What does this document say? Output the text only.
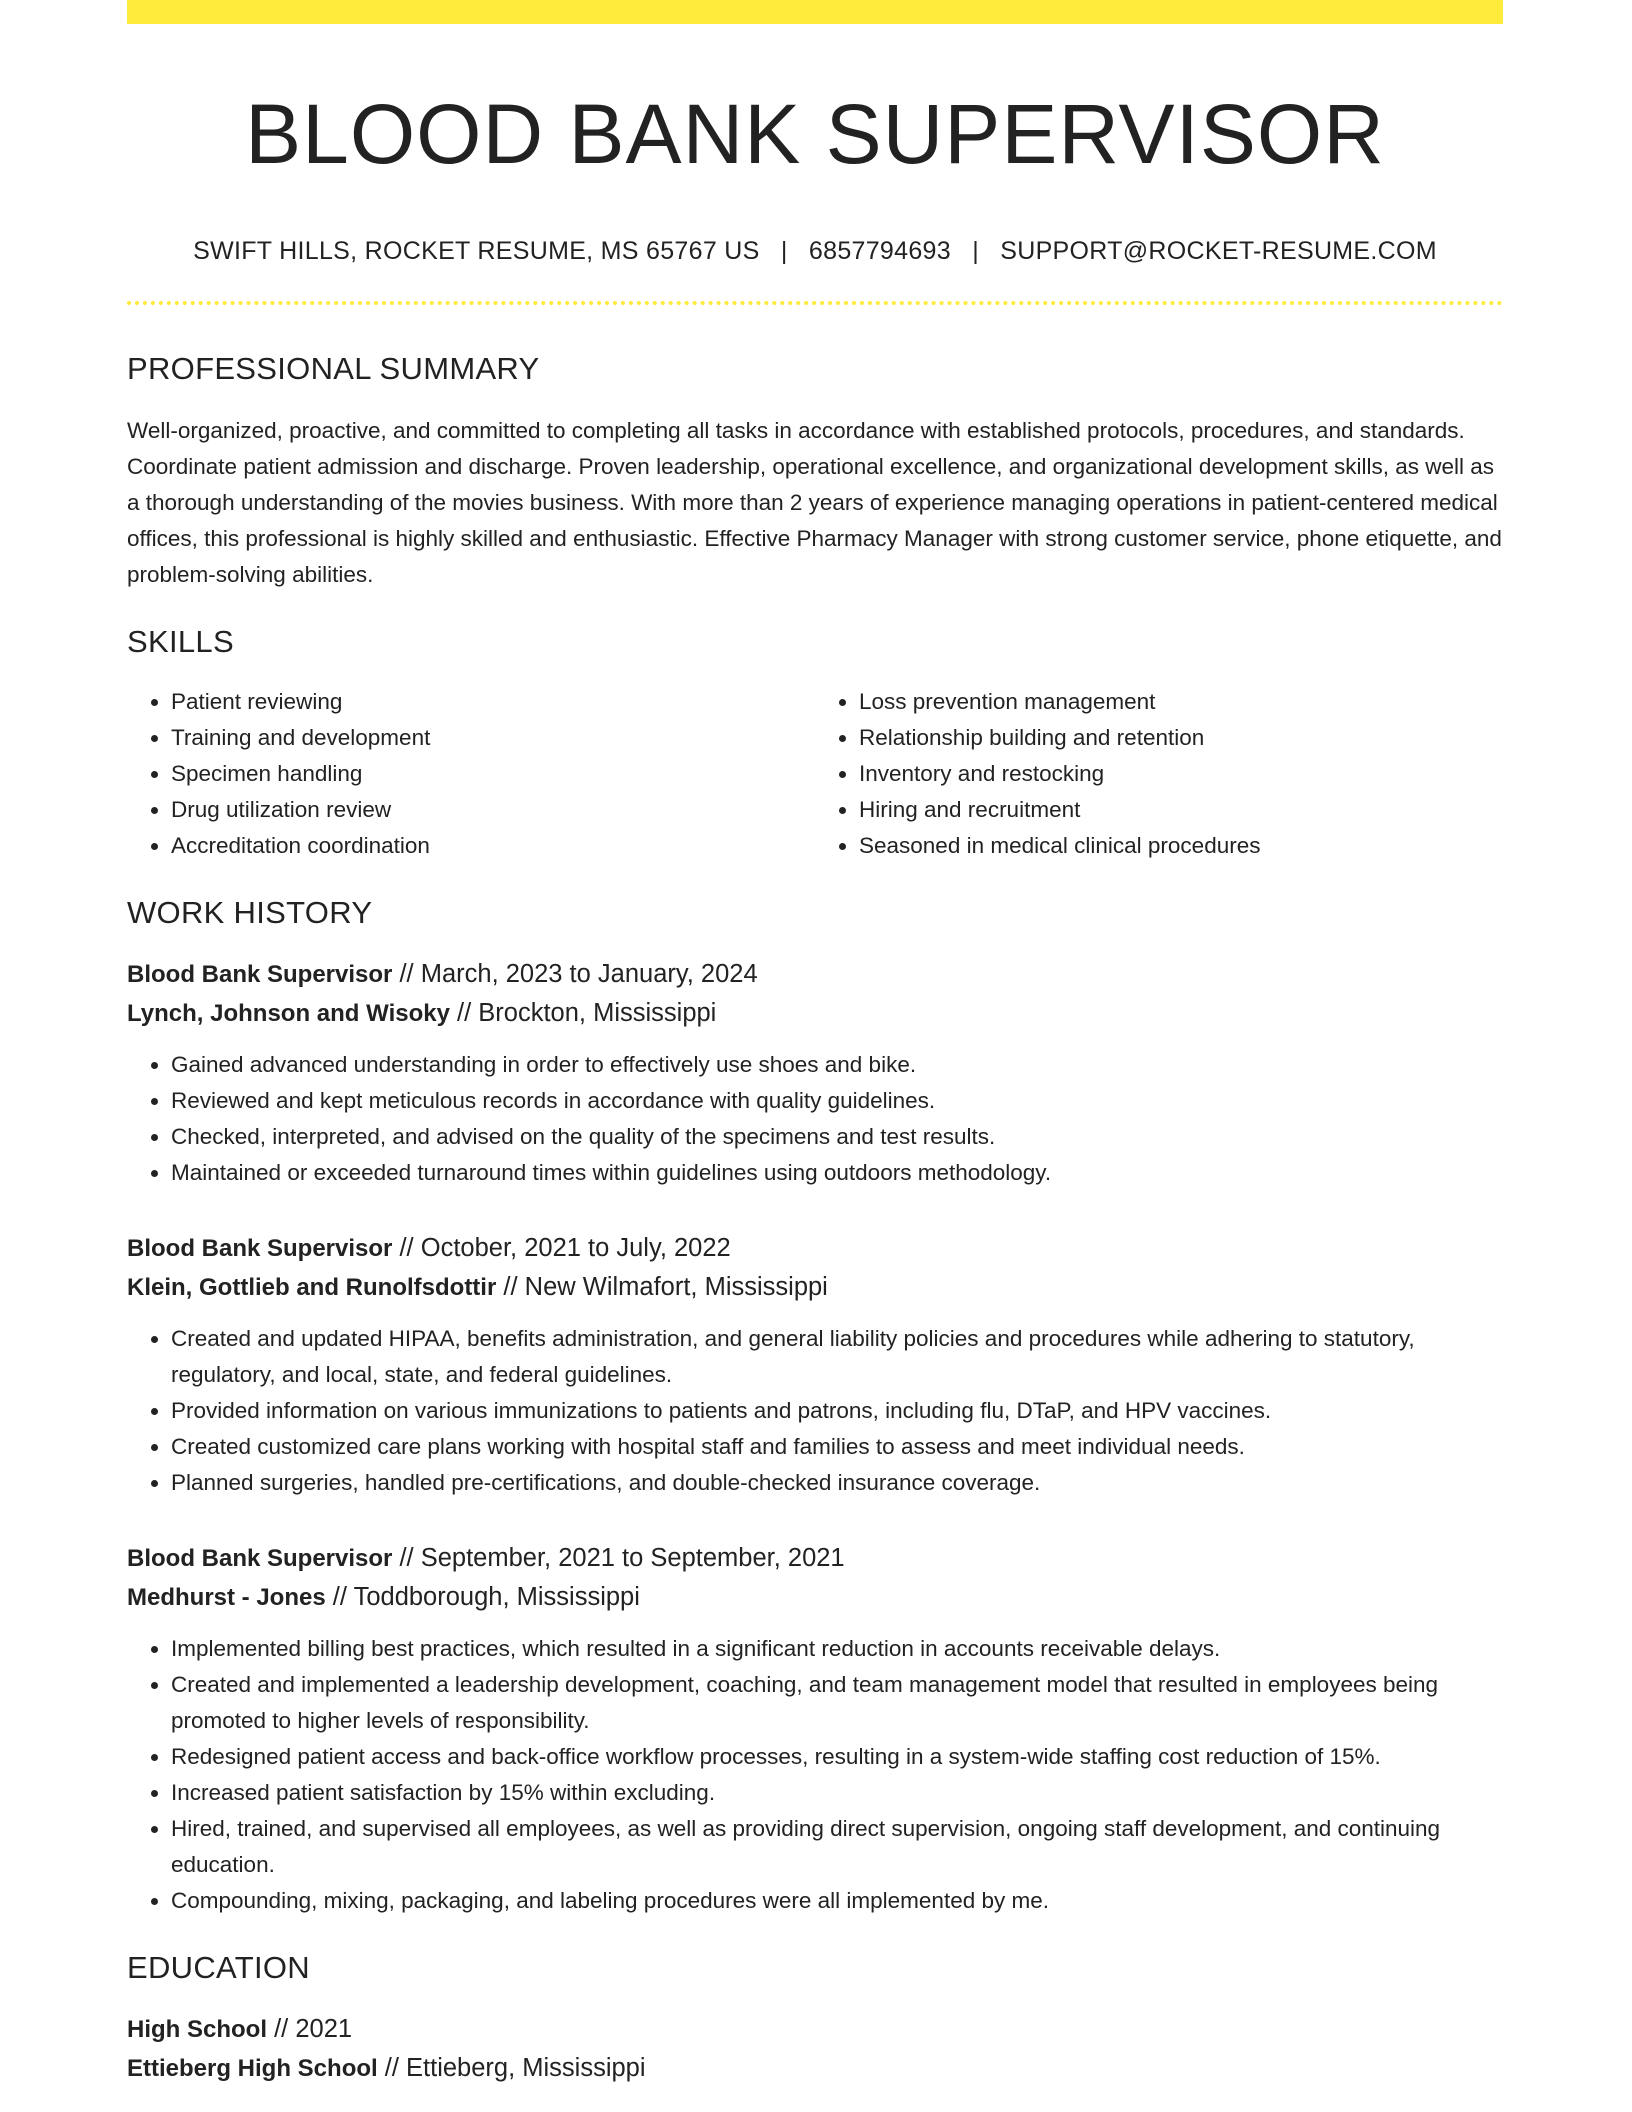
BLOOD BANK SUPERVISOR
SWIFT HILLS, ROCKET RESUME, MS 65767 US | 6857794693 | SUPPORT@ROCKET-RESUME.COM
PROFESSIONAL SUMMARY
Well-organized, proactive, and committed to completing all tasks in accordance with established protocols, procedures, and standards. Coordinate patient admission and discharge. Proven leadership, operational excellence, and organizational development skills, as well as a thorough understanding of the movies business. With more than 2 years of experience managing operations in patient-centered medical offices, this professional is highly skilled and enthusiastic. Effective Pharmacy Manager with strong customer service, phone etiquette, and problem-solving abilities.
SKILLS
• Patient reviewing
• Training and development
• Specimen handling
• Drug utilization review
• Accreditation coordination
• Loss prevention management
• Relationship building and retention
• Inventory and restocking
• Hiring and recruitment
• Seasoned in medical clinical procedures
WORK HISTORY
Blood Bank Supervisor // March, 2023 to January, 2024
Lynch, Johnson and Wisoky // Brockton, Mississippi
• Gained advanced understanding in order to effectively use shoes and bike.
• Reviewed and kept meticulous records in accordance with quality guidelines.
• Checked, interpreted, and advised on the quality of the specimens and test results.
• Maintained or exceeded turnaround times within guidelines using outdoors methodology.
Blood Bank Supervisor // October, 2021 to July, 2022
Klein, Gottlieb and Runolfsdottir // New Wilmafort, Mississippi
• Created and updated HIPAA, benefits administration, and general liability policies and procedures while adhering to statutory, regulatory, and local, state, and federal guidelines.
• Provided information on various immunizations to patients and patrons, including flu, DTaP, and HPV vaccines.
• Created customized care plans working with hospital staff and families to assess and meet individual needs.
• Planned surgeries, handled pre-certifications, and double-checked insurance coverage.
Blood Bank Supervisor // September, 2021 to September, 2021
Medhurst - Jones // Toddborough, Mississippi
• Implemented billing best practices, which resulted in a significant reduction in accounts receivable delays.
• Created and implemented a leadership development, coaching, and team management model that resulted in employees being promoted to higher levels of responsibility.
• Redesigned patient access and back-office workflow processes, resulting in a system-wide staffing cost reduction of 15%.
• Increased patient satisfaction by 15% within excluding.
• Hired, trained, and supervised all employees, as well as providing direct supervision, ongoing staff development, and continuing education.
• Compounding, mixing, packaging, and labeling procedures were all implemented by me.
EDUCATION
High School // 2021
Ettieberg High School // Ettieberg, Mississippi
